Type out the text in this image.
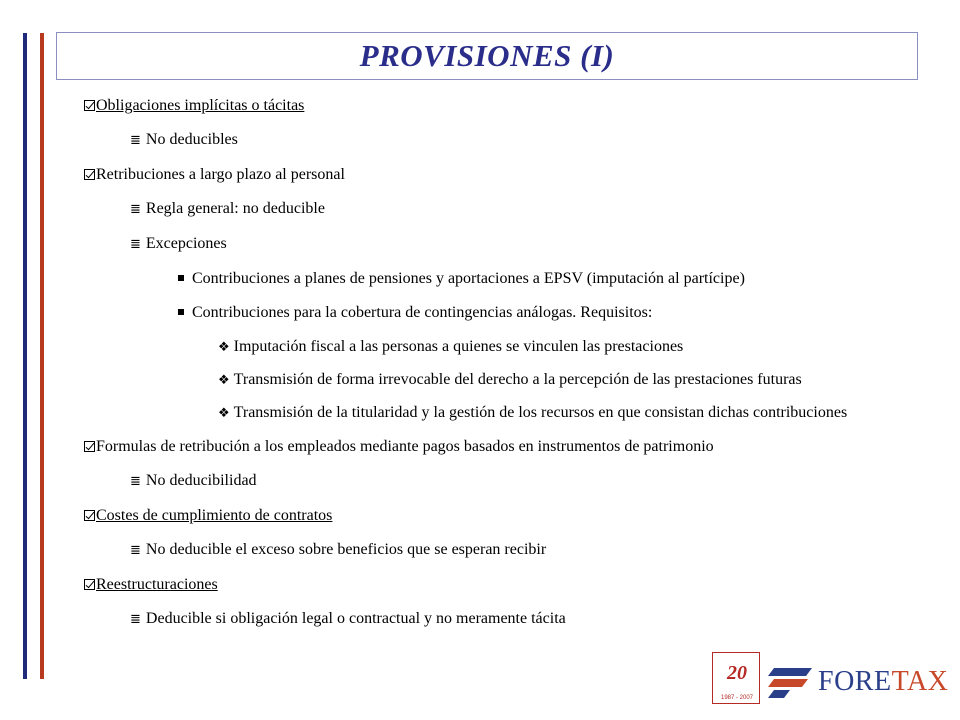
PROVISIONES (I)
Obligaciones implícitas o tácitas
≣ No deducibles
Retribuciones a largo plazo al personal
≣ Regla general: no deducible
≣ Excepciones
Contribuciones a planes de pensiones y aportaciones a EPSV (imputación al partícipe)
Contribuciones para la cobertura de contingencias análogas. Requisitos:
❖ Imputación fiscal a las personas a quienes se vinculen las prestaciones
❖ Transmisión de forma irrevocable del derecho a la percepción de las prestaciones futuras
❖ Transmisión de la titularidad y la gestión de los recursos en que consistan dichas contribuciones
Formulas de retribución a los empleados mediante pagos basados en instrumentos de patrimonio
≣ No deducibilidad
Costes de cumplimiento de contratos
≣ No deducible el exceso sobre beneficios que se esperan recibir
Reestructuraciones
≣ Deducible si obligación legal o contractual y no meramente tácita
20
1987 - 2007
FORETAX
